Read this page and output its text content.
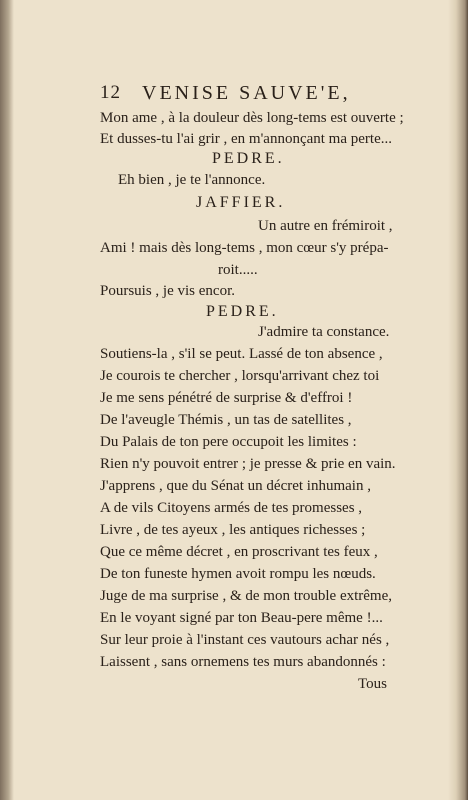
12 VENISE SAUVE'E,
Mon ame , à la douleur dès long-tems est ouverte ;
Et dusses-tu l'ai grir , en m'annonçant ma perte...
PEDRE.
Eh bien , je te l'annonce.
JAFFIER.
Un autre en frémiroit ,
Ami ! mais dès long-tems , mon cœur s'y prépa-
roit.....
Poursuis , je vis encor.
PEDRE.
J'admire ta constance.
Soutiens-la , s'il se peut. Lassé de ton absence ,
Je courois te chercher , lorsqu'arrivant chez toi
Je me sens pénétré de surprise & d'effroi !
De l'aveugle Thémis , un tas de satellites ,
Du Palais de ton pere occupoit les limites :
Rien n'y pouvoit entrer ; je presse & prie en vain.
J'apprens , que du Sénat un décret inhumain ,
A de vils Citoyens armés de tes promesses ,
Livre , de tes ayeux , les antiques richesses ;
Que ce même décret , en proscrivant tes feux ,
De ton funeste hymen avoit rompu les nœuds.
Juge de ma surprise , & de mon trouble extrême,
En le voyant signé par ton Beau-pere même !...
Sur leur proie à l'instant ces vautours achar nés ,
Laissent , sans ornemens tes murs abandonnés :
Tous
